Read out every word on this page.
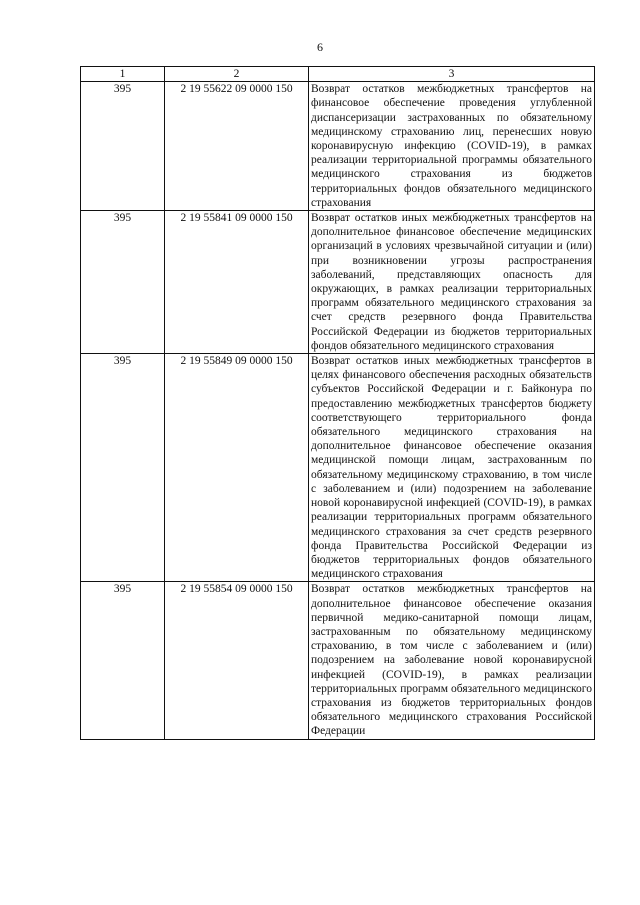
6
1	2	3
395	2 19 55622 09 0000 150	Возврат остатков межбюджетных трансфертов на финансовое обеспечение проведения углубленной диспансеризации застрахованных по обязательному медицинскому страхованию лиц, перенесших новую коронавирусную инфекцию (COVID-19), в рамках реализации территориальной программы обязательного медицинского страхования из бюджетов территориальных фондов обязательного медицинского страхования
395	2 19 55841 09 0000 150	Возврат остатков иных межбюджетных трансфертов на дополнительное финансовое обеспечение медицинских организаций в условиях чрезвычайной ситуации и (или) при возникновении угрозы распространения заболеваний, представляющих опасность для окружающих, в рамках реализации территориальных программ обязательного медицинского страхования за счет средств резервного фонда Правительства Российской Федерации из бюджетов территориальных фондов обязательного медицинского страхования
395	2 19 55849 09 0000 150	Возврат остатков иных межбюджетных трансфертов в целях финансового обеспечения расходных обязательств субъектов Российской Федерации и г. Байконура по предоставлению межбюджетных трансфертов бюджету соответствующего территориального фонда обязательного медицинского страхования на дополнительное финансовое обеспечение оказания медицинской помощи лицам, застрахованным по обязательному медицинскому страхованию, в том числе с заболеванием и (или) подозрением на заболевание новой коронавирусной инфекцией (COVID-19), в рамках реализации территориальных программ обязательного медицинского страхования за счет средств резервного фонда Правительства Российской Федерации из бюджетов территориальных фондов обязательного медицинского страхования
395	2 19 55854 09 0000 150	Возврат остатков межбюджетных трансфертов на дополнительное финансовое обеспечение оказания первичной медико-санитарной помощи лицам, застрахованным по обязательному медицинскому страхованию, в том числе с заболеванием и (или) подозрением на заболевание новой коронавирусной инфекцией (COVID-19), в рамках реализации территориальных программ обязательного медицинского страхования из бюджетов территориальных фондов обязательного медицинского страхования Российской Федерации
